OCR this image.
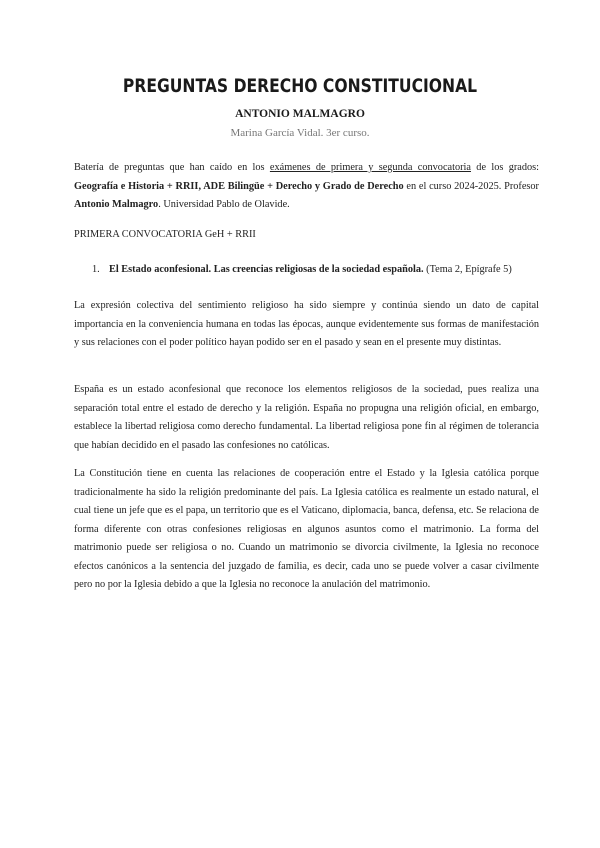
PREGUNTAS DERECHO CONSTITUCIONAL
ANTONIO MALMAGRO
Marina García Vidal. 3er curso.
Batería de preguntas que han caído en los exámenes de primera y segunda convocatoria de los grados: Geografía e Historia + RRII, ADE Bilingüe + Derecho y Grado de Derecho en el curso 2024-2025. Profesor Antonio Malmagro. Universidad Pablo de Olavide.
PRIMERA CONVOCATORIA GeH + RRII
1. El Estado aconfesional. Las creencias religiosas de la sociedad española. (Tema 2, Epígrafe 5)
La expresión colectiva del sentimiento religioso ha sido siempre y continúa siendo un dato de capital importancia en la conveniencia humana en todas las épocas, aunque evidentemente sus formas de manifestación y sus relaciones con el poder político hayan podido ser en el pasado y sean en el presente muy distintas.
España es un estado aconfesional que reconoce los elementos religiosos de la sociedad, pues realiza una separación total entre el estado de derecho y la religión. España no propugna una religión oficial, en embargo, establece la libertad religiosa como derecho fundamental. La libertad religiosa pone fin al régimen de tolerancia que habían decidido en el pasado las confesiones no católicas.
La Constitución tiene en cuenta las relaciones de cooperación entre el Estado y la Iglesia católica porque tradicionalmente ha sido la religión predominante del país. La Iglesia católica es realmente un estado natural, el cual tiene un jefe que es el papa, un territorio que es el Vaticano, diplomacia, banca, defensa, etc. Se relaciona de forma diferente con otras confesiones religiosas en algunos asuntos como el matrimonio. La forma del matrimonio puede ser religiosa o no. Cuando un matrimonio se divorcia civilmente, la Iglesia no reconoce efectos canónicos a la sentencia del juzgado de familia, es decir, cada uno se puede volver a casar civilmente pero no por la Iglesia debido a que la Iglesia no reconoce la anulación del matrimonio.
